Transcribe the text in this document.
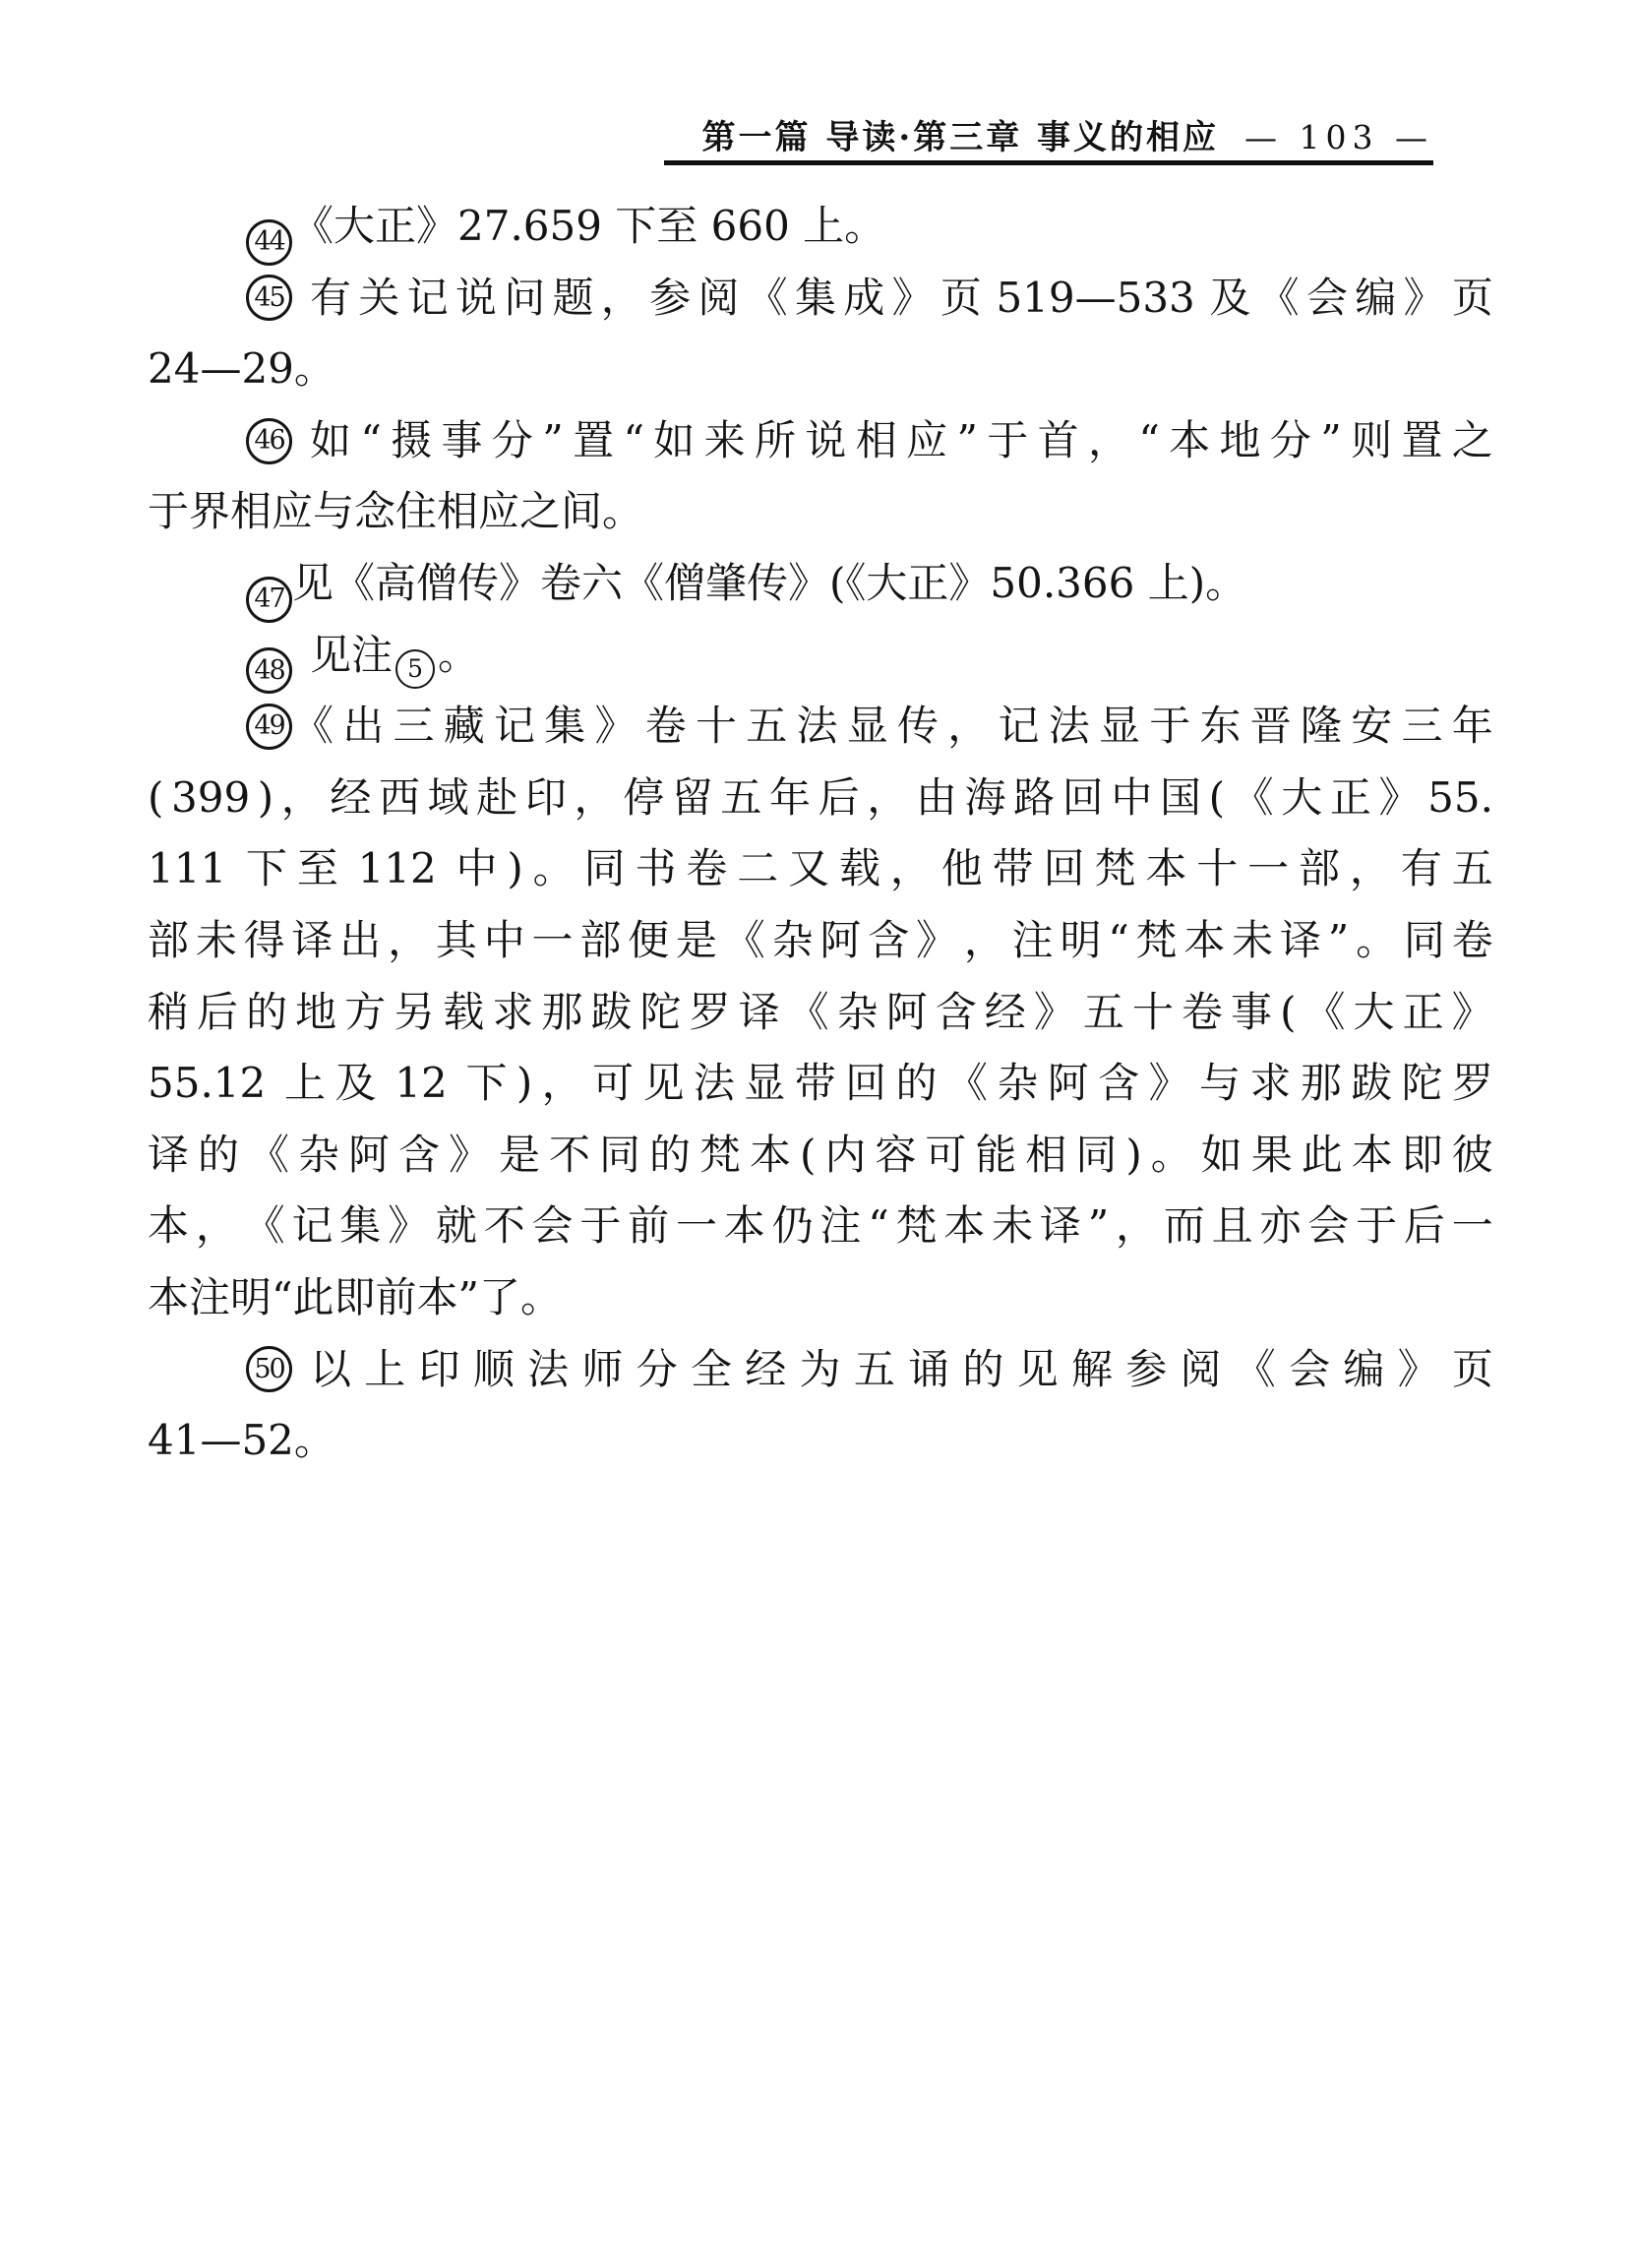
第一篇 导读·第三章 事义的相应 — 103 —
44 《大正》27.659 下至 660 上。
45 有 关 记 说 问 题 ， 参 阅 《 集 成 》 页 519—533 及 《 会 编 》 页
24—29。
46 如 “ 摄 事 分 ” 置 “ 如 来 所 说 相 应 ” 于 首 ， “ 本 地 分 ” 则 置 之
于界相应与念住相应之间。
47 见《高僧传》卷六《僧肇传》(《大正》50.366 上)。
48 见注 5 。
49 《 出 三 藏 记 集 》 卷 十 五 法 显 传 ， 记 法 显 于 东 晋 隆 安 三 年
( 399 ) ， 经 西 域 赴 印 ， 停 留 五 年 后 ， 由 海 路 回 中 国 ( 《 大 正 》 55.
111 下 至 112 中 ) 。 同 书 卷 二 又 载 ， 他 带 回 梵 本 十 一 部 ， 有 五
部 未 得 译 出 ， 其 中 一 部 便 是 《 杂 阿 含 》 ， 注 明 “ 梵 本 未 译 ” 。 同 卷
稍 后 的 地 方 另 载 求 那 跋 陀 罗 译 《 杂 阿 含 经 》 五 十 卷 事 ( 《 大 正 》
55.12 上 及 12 下 ) ， 可 见 法 显 带 回 的 《 杂 阿 含 》 与 求 那 跋 陀 罗
译 的 《 杂 阿 含 》 是 不 同 的 梵 本 ( 内 容 可 能 相 同 ) 。 如 果 此 本 即 彼
本 ， 《 记 集 》 就 不 会 于 前 一 本 仍 注 “ 梵 本 未 译 ” ， 而 且 亦 会 于 后 一
本注明“此即前本”了。
50 以 上 印 顺 法 师 分 全 经 为 五 诵 的 见 解 参 阅 《 会 编 》 页
41—52。
